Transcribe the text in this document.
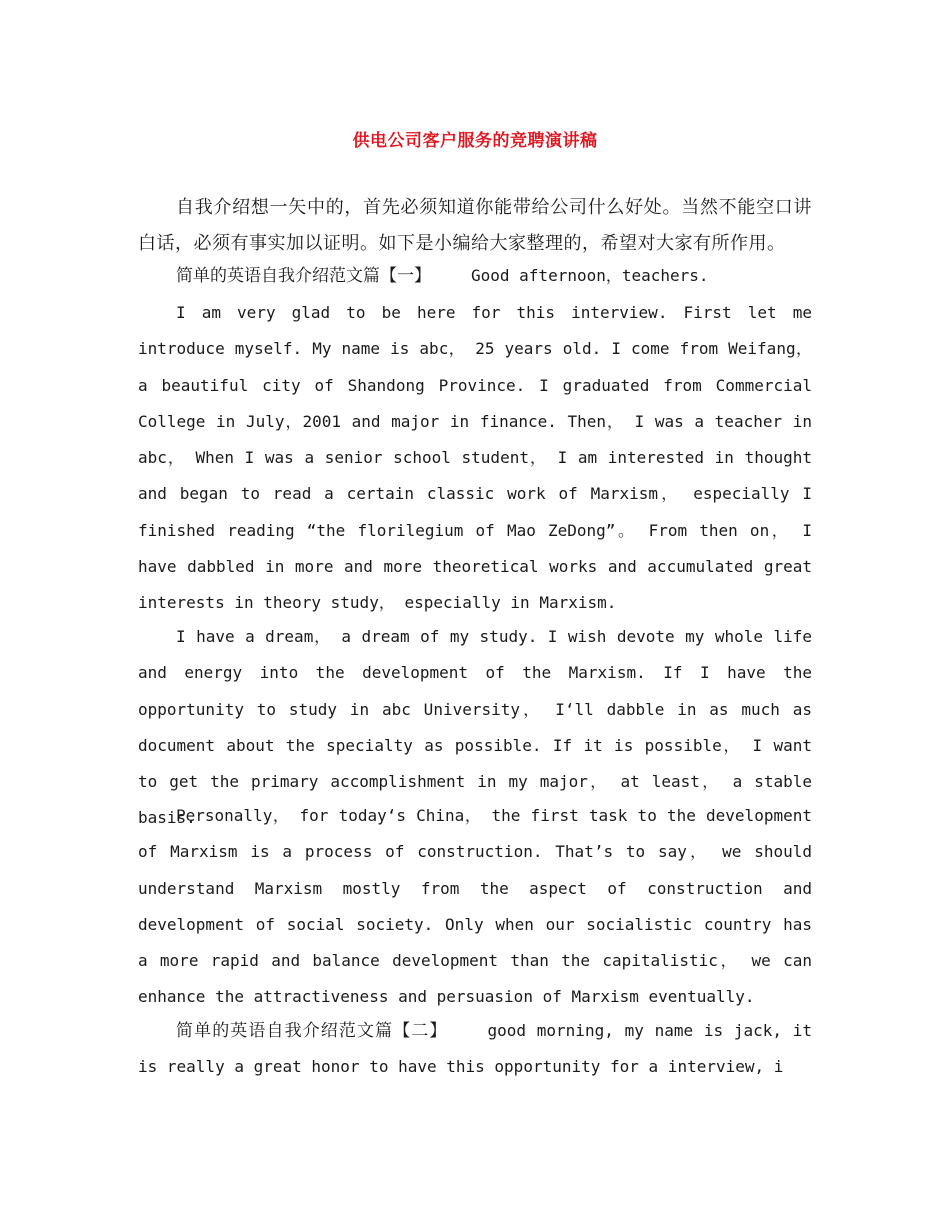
供电公司客户服务的竞聘演讲稿
自我介绍想一矢中的，首先必须知道你能带给公司什么好处。当然不能空口讲白话，必须有事实加以证明。如下是小编给大家整理的，希望对大家有所作用。
简单的英语自我介绍范文篇【一】	Good afternoon，teachers.
I am very glad to be here for this interview. First let me introduce myself. My name is abc， 25 years old. I come from Weifang， a beautiful city of Shandong Province. I graduated from Commercial College in July，2001 and major in finance. Then， I was a teacher in abc， When I was a senior school student， I am interested in thought and began to read a certain classic work of Marxism， especially I finished reading “the florilegium of Mao ZeDong”。 From then on， I have dabbled in more and more theoretical works and accumulated great interests in theory study， especially in Marxism.
I have a dream， a dream of my study. I wish devote my whole life and energy into the development of the Marxism. If I have the opportunity to study in abc University， I‘ll dabble in as much as document about the specialty as possible. If it is possible， I want to get the primary accomplishment in my major， at least， a stable basis.
Personally， for today‘s China， the first task to the development of Marxism is a process of construction. That’s to say， we should understand Marxism mostly from the aspect of construction and development of social society. Only when our socialistic country has a more rapid and balance development than the capitalistic， we can enhance the attractiveness and persuasion of Marxism eventually.
简单的英语自我介绍范文篇【二】	good morning, my name is jack, it is really a great honor to have this opportunity for a interview, i
